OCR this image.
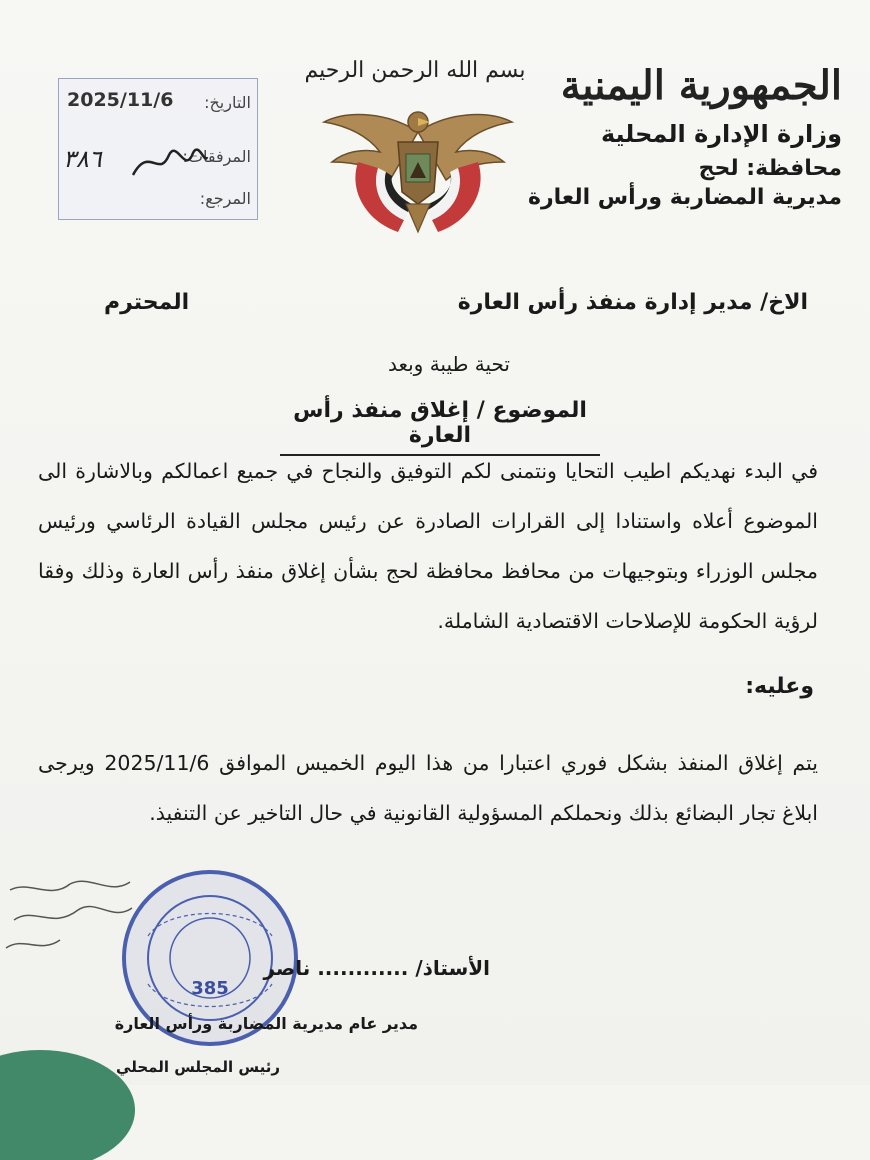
الجمهورية اليمنية
وزارة الإدارة المحلية
محافظة: لحج
مديرية المضاربة ورأس العارة
بسم الله الرحمن الرحيم
التاريخ:
2025/11/6
المرفقات:
المرجع:
٣٨٦
الاخ/ مدير إدارة منفذ رأس العارة
المحترم
تحية طيبة وبعد
الموضوع / إغلاق منفذ رأس العارة
في البدء نهديكم اطيب التحايا ونتمنى لكم التوفيق والنجاح في جميع اعمالكم وبالاشارة الى الموضوع أعلاه واستنادا إلى القرارات الصادرة عن رئيس مجلس القيادة الرئاسي ورئيس مجلس الوزراء وبتوجيهات من محافظ محافظة لحج بشأن إغلاق منفذ رأس العارة وذلك وفقا لرؤية الحكومة للإصلاحات الاقتصادية الشاملة.
وعليه:
يتم إغلاق المنفذ بشكل فوري اعتبارا من هذا اليوم الخميس الموافق 2025/11/6 ويرجى ابلاغ تجار البضائع بذلك ونحملكم المسؤولية القانونية في حال التاخير عن التنفيذ.
385
الأستاذ/ ............ ناصر
مدير عام مديرية المضاربة ورأس العارة
رئيس المجلس المحلي
